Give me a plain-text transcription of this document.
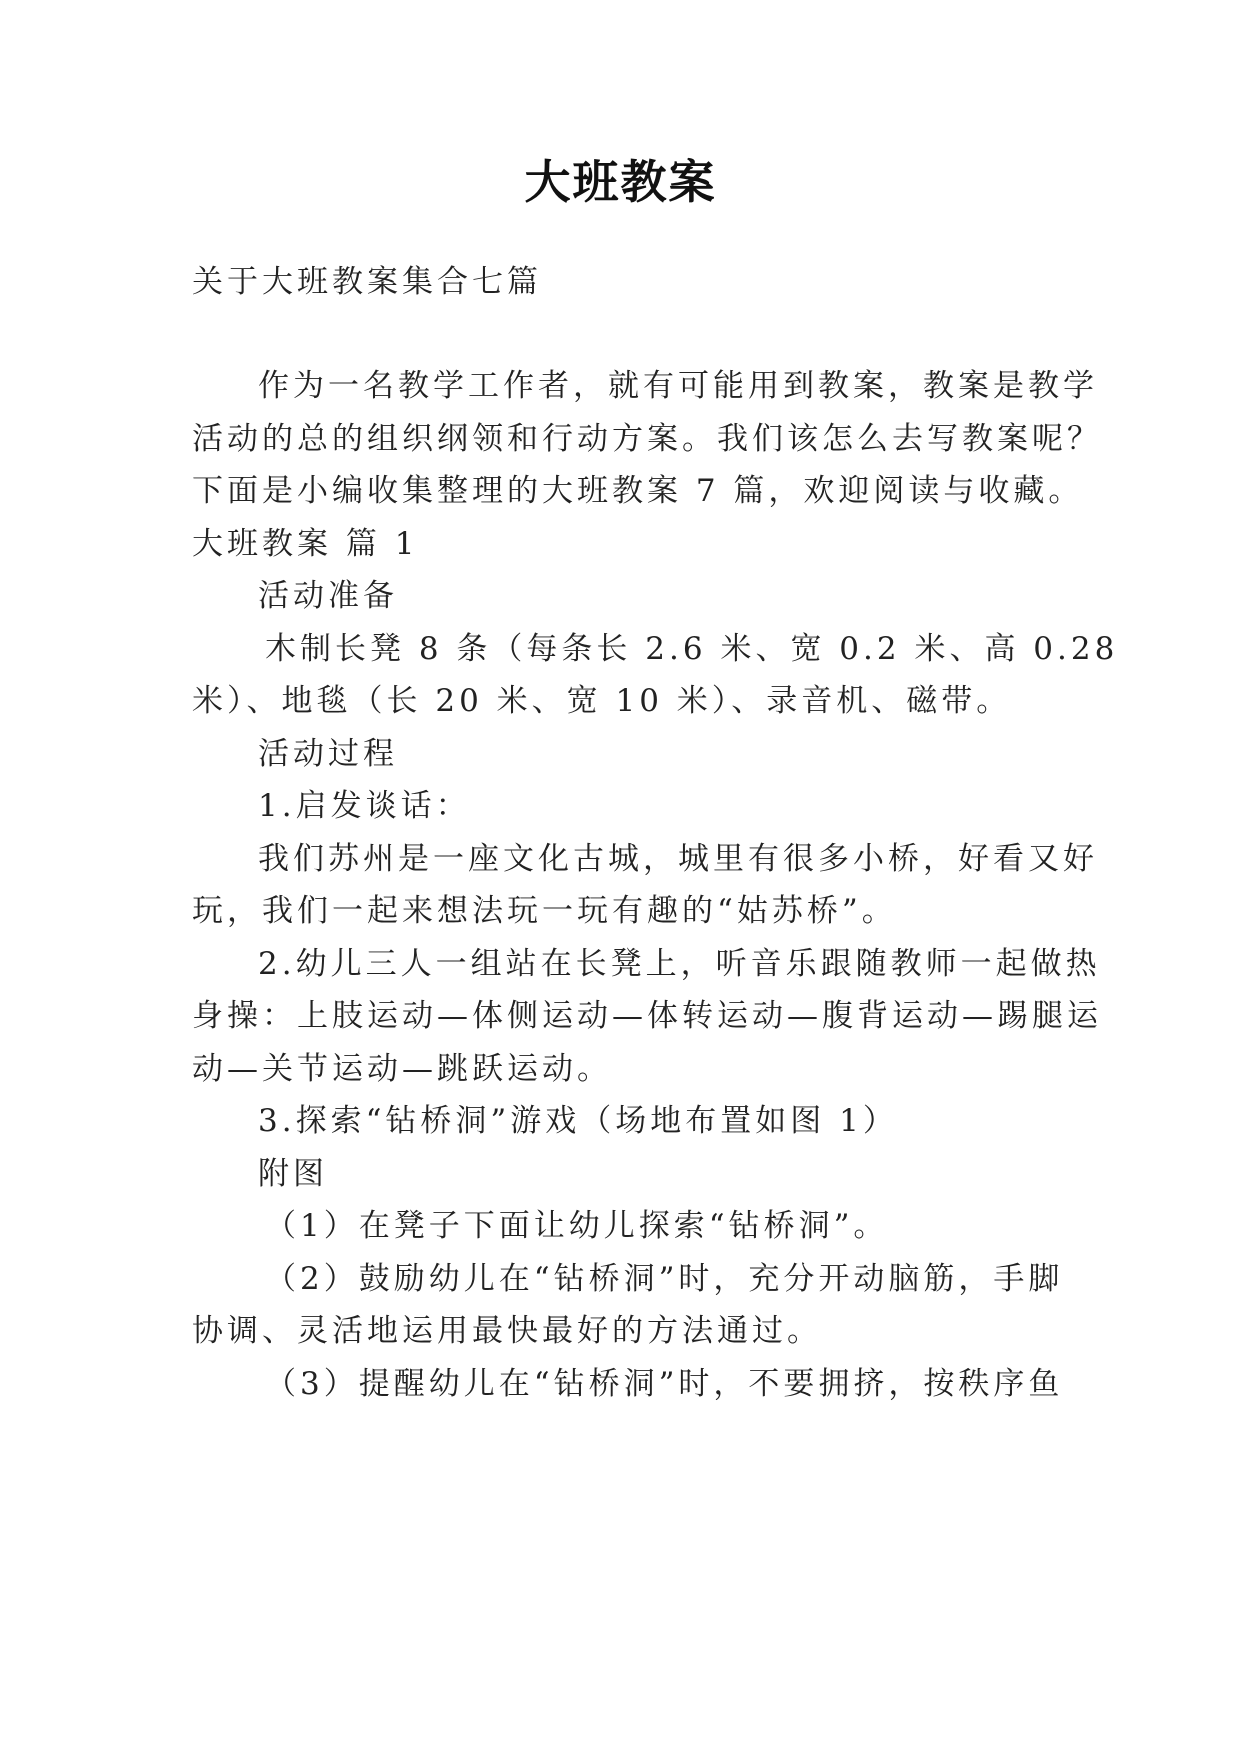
大班教案
关于大班教案集合七篇
作为一名教学工作者，就有可能用到教案，教案是教学
活动的总的组织纲领和行动方案。我们该怎么去写教案呢？
下面是小编收集整理的大班教案 7 篇，欢迎阅读与收藏。
大班教案 篇 1
活动准备
木制长凳 8 条（每条长 2.6 米、宽 0.2 米、高 0.28
米）、地毯（长 20 米、宽 10 米）、录音机、磁带。
活动过程
1.启发谈话：
我们苏州是一座文化古城，城里有很多小桥，好看又好
玩，我们一起来想法玩一玩有趣的“姑苏桥”。
2.幼儿三人一组站在长凳上，听音乐跟随教师一起做热
身操：上肢运动—体侧运动—体转运动—腹背运动—踢腿运
动—关节运动—跳跃运动。
3.探索“钻桥洞”游戏（场地布置如图 1）
附图
（1）在凳子下面让幼儿探索“钻桥洞”。
（2）鼓励幼儿在“钻桥洞”时，充分开动脑筋，手脚
协调、灵活地运用最快最好的方法通过。
（3）提醒幼儿在“钻桥洞”时，不要拥挤，按秩序鱼
